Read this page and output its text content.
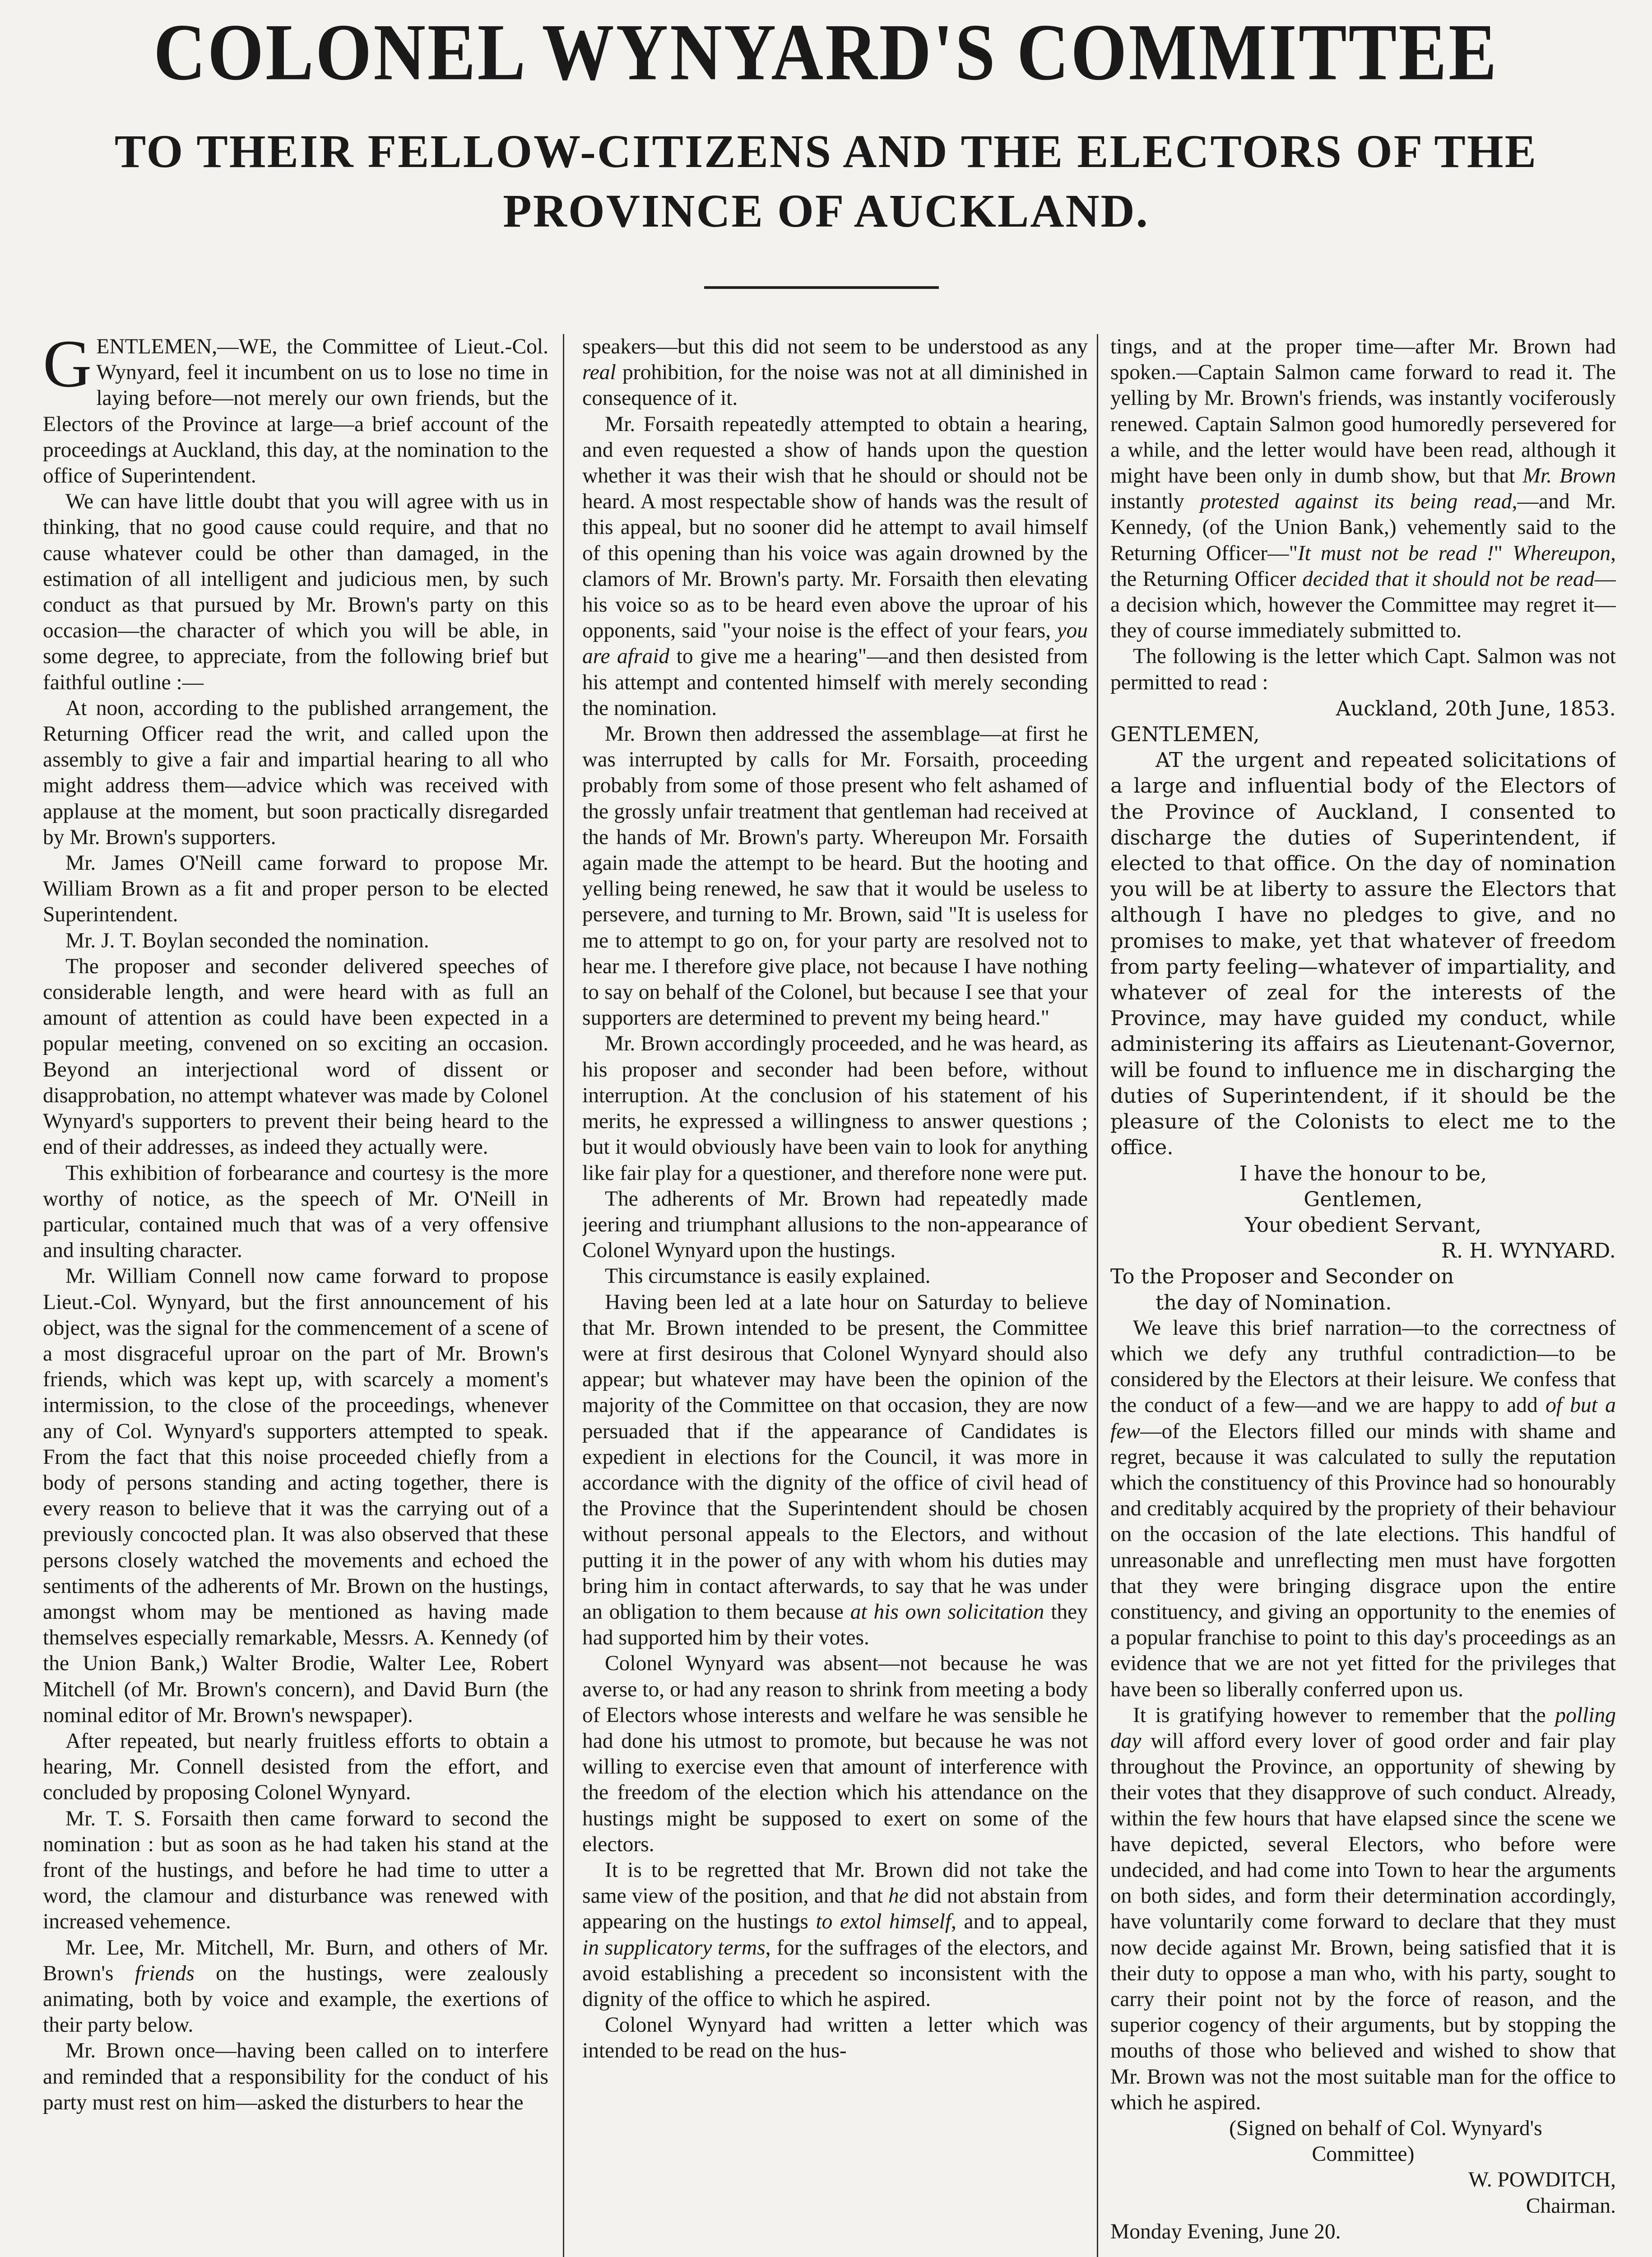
COLONEL WYNYARD'S COMMITTEE
TO THEIR FELLOW-CITIZENS AND THE ELECTORS OF THE
PROVINCE OF AUCKLAND.

GENTLEMEN,—WE, the Committee of Lieut.-Col. Wynyard, feel it incumbent on us to lose no time in laying before—not merely our own friends, but the Electors of the Province at large—a brief account of the proceedings at Auckland, this day, at the nomination to the office of Superintendent.

We can have little doubt that you will agree with us in thinking, that no good cause could require, and that no cause whatever could be other than damaged, in the estimation of all intelligent and judicious men, by such conduct as that pursued by Mr. Brown's party on this occasion—the character of which you will be able, in some degree, to appreciate, from the following brief but faithful outline :—

At noon, according to the published arrangement, the Returning Officer read the writ, and called upon the assembly to give a fair and impartial hearing to all who might address them—advice which was received with applause at the moment, but soon practically disregarded by Mr. Brown's supporters.

Mr. James O'Neill came forward to propose Mr. William Brown as a fit and proper person to be elected Superintendent.

Mr. J. T. Boylan seconded the nomination.

The proposer and seconder delivered speeches of considerable length, and were heard with as full an amount of attention as could have been expected in a popular meeting, convened on so exciting an occasion. Beyond an interjectional word of dissent or disapprobation, no attempt whatever was made by Colonel Wynyard's supporters to prevent their being heard to the end of their addresses, as indeed they actually were.

This exhibition of forbearance and courtesy is the more worthy of notice, as the speech of Mr. O'Neill in particular, contained much that was of a very offensive and insulting character.

Mr. William Connell now came forward to propose Lieut.-Col. Wynyard, but the first announcement of his object, was the signal for the commencement of a scene of a most disgraceful uproar on the part of Mr. Brown's friends, which was kept up, with scarcely a moment's intermission, to the close of the proceedings, whenever any of Col. Wynyard's supporters attempted to speak. From the fact that this noise proceeded chiefly from a body of persons standing and acting together, there is every reason to believe that it was the carrying out of a previously concocted plan. It was also observed that these persons closely watched the movements and echoed the sentiments of the adherents of Mr. Brown on the hustings, amongst whom may be mentioned as having made themselves especially remarkable, Messrs. A. Kennedy (of the Union Bank,) Walter Brodie, Walter Lee, Robert Mitchell (of Mr. Brown's concern), and David Burn (the nominal editor of Mr. Brown's newspaper).

After repeated, but nearly fruitless efforts to obtain a hearing, Mr. Connell desisted from the effort, and concluded by proposing Colonel Wynyard.

Mr. T. S. Forsaith then came forward to second the nomination : but as soon as he had taken his stand at the front of the hustings, and before he had time to utter a word, the clamour and disturbance was renewed with increased vehemence.

Mr. Lee, Mr. Mitchell, Mr. Burn, and others of Mr. Brown's friends on the hustings, were zealously animating, both by voice and example, the exertions of their party below.

Mr. Brown once—having been called on to interfere and reminded that a responsibility for the conduct of his party must rest on him—asked the disturbers to hear the

speakers—but this did not seem to be understood as any real prohibition, for the noise was not at all diminished in consequence of it.

Mr. Forsaith repeatedly attempted to obtain a hearing, and even requested a show of hands upon the question whether it was their wish that he should or should not be heard. A most respectable show of hands was the result of this appeal, but no sooner did he attempt to avail himself of this opening than his voice was again drowned by the clamors of Mr. Brown's party. Mr. Forsaith then elevating his voice so as to be heard even above the uproar of his opponents, said "your noise is the effect of your fears, you are afraid to give me a hearing"—and then desisted from his attempt and contented himself with merely seconding the nomination.

Mr. Brown then addressed the assemblage—at first he was interrupted by calls for Mr. Forsaith, proceeding probably from some of those present who felt ashamed of the grossly unfair treatment that gentleman had received at the hands of Mr. Brown's party. Whereupon Mr. Forsaith again made the attempt to be heard. But the hooting and yelling being renewed, he saw that it would be useless to persevere, and turning to Mr. Brown, said "It is useless for me to attempt to go on, for your party are resolved not to hear me. I therefore give place, not because I have nothing to say on behalf of the Colonel, but because I see that your supporters are determined to prevent my being heard."

Mr. Brown accordingly proceeded, and he was heard, as his proposer and seconder had been before, without interruption. At the conclusion of his statement of his merits, he expressed a willingness to answer questions ; but it would obviously have been vain to look for anything like fair play for a questioner, and therefore none were put.

The adherents of Mr. Brown had repeatedly made jeering and triumphant allusions to the non-appearance of Colonel Wynyard upon the hustings.

This circumstance is easily explained.

Having been led at a late hour on Saturday to believe that Mr. Brown intended to be present, the Committee were at first desirous that Colonel Wynyard should also appear; but whatever may have been the opinion of the majority of the Committee on that occasion, they are now persuaded that if the appearance of Candidates is expedient in elections for the Council, it was more in accordance with the dignity of the office of civil head of the Province that the Superintendent should be chosen without personal appeals to the Electors, and without putting it in the power of any with whom his duties may bring him in contact afterwards, to say that he was under an obligation to them because at his own solicitation they had supported him by their votes.

Colonel Wynyard was absent—not because he was averse to, or had any reason to shrink from meeting a body of Electors whose interests and welfare he was sensible he had done his utmost to promote, but because he was not willing to exercise even that amount of interference with the freedom of the election which his attendance on the hustings might be supposed to exert on some of the electors.

It is to be regretted that Mr. Brown did not take the same view of the position, and that he did not abstain from appearing on the hustings to extol himself, and to appeal, in supplicatory terms, for the suffrages of the electors, and avoid establishing a precedent so inconsistent with the dignity of the office to which he aspired.

Colonel Wynyard had written a letter which was intended to be read on the hus-

tings, and at the proper time—after Mr. Brown had spoken.—Captain Salmon came forward to read it. The yelling by Mr. Brown's friends, was instantly vociferously renewed. Captain Salmon good humoredly persevered for a while, and the letter would have been read, although it might have been only in dumb show, but that Mr. Brown instantly protested against its being read,—and Mr. Kennedy, (of the Union Bank,) vehemently said to the Returning Officer—"It must not be read !" Whereupon, the Returning Officer decided that it should not be read—a decision which, however the Committee may regret it—they of course immediately submitted to.

The following is the letter which Capt. Salmon was not permitted to read :

Auckland, 20th June, 1853.

GENTLEMEN,

AT the urgent and repeated solicitations of a large and influential body of the Electors of the Province of Auckland, I consented to discharge the duties of Superintendent, if elected to that office. On the day of nomination you will be at liberty to assure the Electors that although I have no pledges to give, and no promises to make, yet that whatever of freedom from party feeling—whatever of impartiality, and whatever of zeal for the interests of the Province, may have guided my conduct, while administering its affairs as Lieutenant-Governor, will be found to influence me in discharging the duties of Superintendent, if it should be the pleasure of the Colonists to elect me to the office.

I have the honour to be,

Gentlemen,

Your obedient Servant,

R. H. WYNYARD.

To the Proposer and Seconder on

the day of Nomination.

We leave this brief narration—to the correctness of which we defy any truthful contradiction—to be considered by the Electors at their leisure. We confess that the conduct of a few—and we are happy to add of but a few—of the Electors filled our minds with shame and regret, because it was calculated to sully the reputation which the constituency of this Province had so honourably and creditably acquired by the propriety of their behaviour on the occasion of the late elections. This handful of unreasonable and unreflecting men must have forgotten that they were bringing disgrace upon the entire constituency, and giving an opportunity to the enemies of a popular franchise to point to this day's proceedings as an evidence that we are not yet fitted for the privileges that have been so liberally conferred upon us.

It is gratifying however to remember that the polling day will afford every lover of good order and fair play throughout the Province, an opportunity of shewing by their votes that they disapprove of such conduct. Already, within the few hours that have elapsed since the scene we have depicted, several Electors, who before were undecided, and had come into Town to hear the arguments on both sides, and form their determination accordingly, have voluntarily come forward to declare that they must now decide against Mr. Brown, being satisfied that it is their duty to oppose a man who, with his party, sought to carry their point not by the force of reason, and the superior cogency of their arguments, but by stopping the mouths of those who believed and wished to show that Mr. Brown was not the most suitable man for the office to which he aspired.

(Signed on behalf of Col. Wynyard's

Committee)

W. POWDITCH,

Chairman.

Monday Evening, June 20.
